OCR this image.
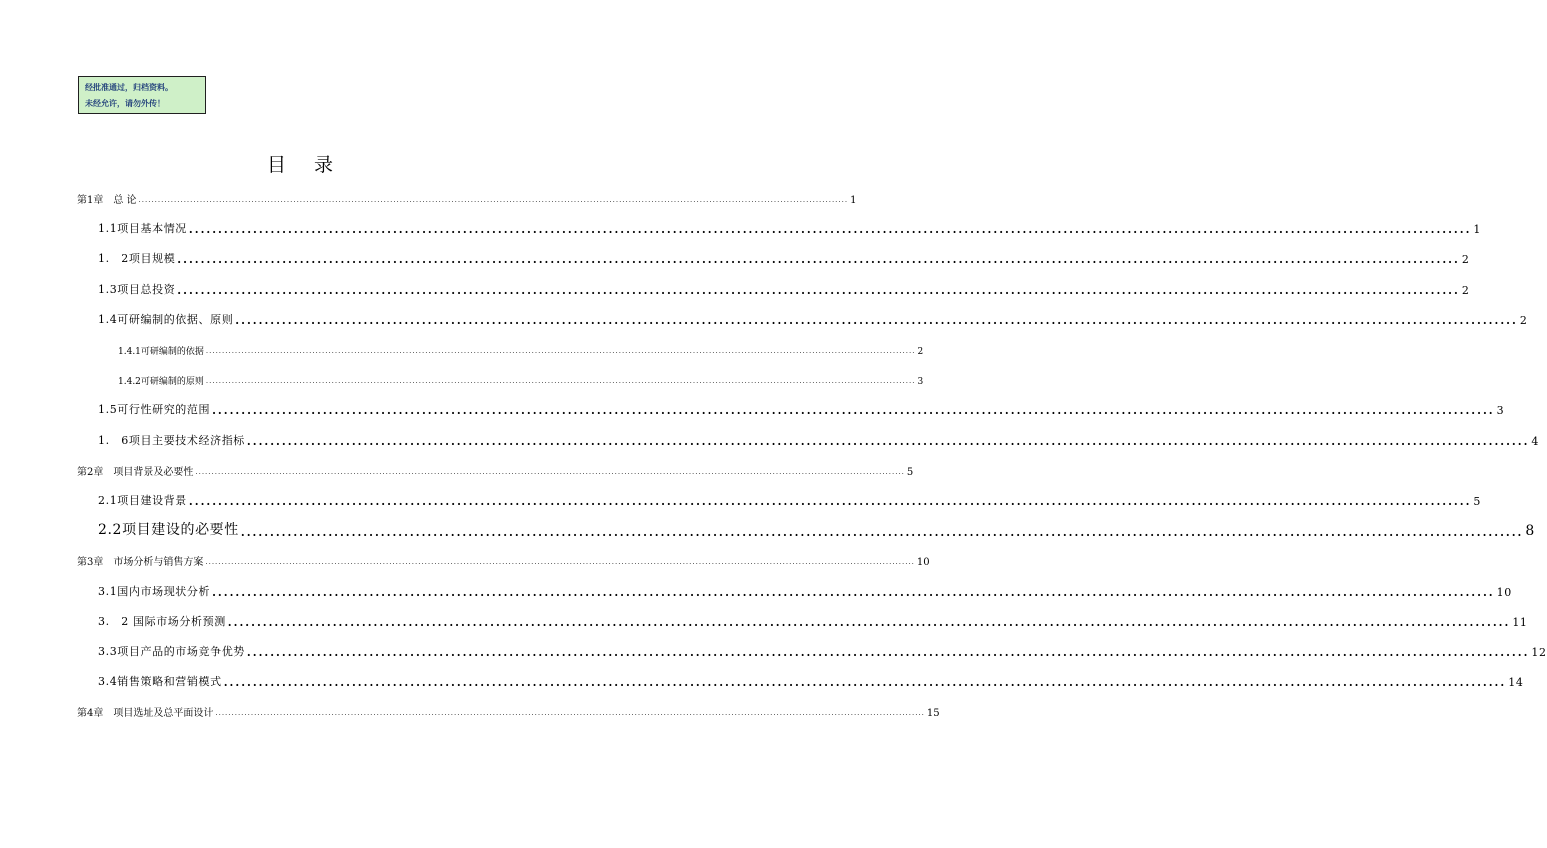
经批准通过，归档资料。
未经允许，请勿外传！
目录
第1章　总 论 ............................................................................................................................................................................................................................ 1
1.1项目基本情况 ............................................................................................................................................................................................................................ 1
1.　2项目规模 ............................................................................................................................................................................................................................ 2
1.3项目总投资 ............................................................................................................................................................................................................................ 2
1.4可研编制的依据、原则 ............................................................................................................................................................................................................................ 2
1.4.1可研编制的依据 ............................................................................................................................................................................................................................ 2
1.4.2可研编制的原则 ............................................................................................................................................................................................................................ 3
1.5可行性研究的范围 ............................................................................................................................................................................................................................ 3
1.　6项目主要技术经济指标 ............................................................................................................................................................................................................................ 4
第2章　项目背景及必要性 ............................................................................................................................................................................................................................ 5
2.1项目建设背景 ............................................................................................................................................................................................................................ 5
2.2项目建设的必要性 ............................................................................................................................................................................................................................ 8
第3章　市场分析与销售方案 ............................................................................................................................................................................................................................ 10
3.1国内市场现状分析 ............................................................................................................................................................................................................................ 10
3.　2 国际市场分析预测 ............................................................................................................................................................................................................................ 11
3.3项目产品的市场竞争优势 ............................................................................................................................................................................................................................ 12
3.4销售策略和营销模式 ............................................................................................................................................................................................................................ 14
第4章　项目选址及总平面设计 ............................................................................................................................................................................................................................ 15
